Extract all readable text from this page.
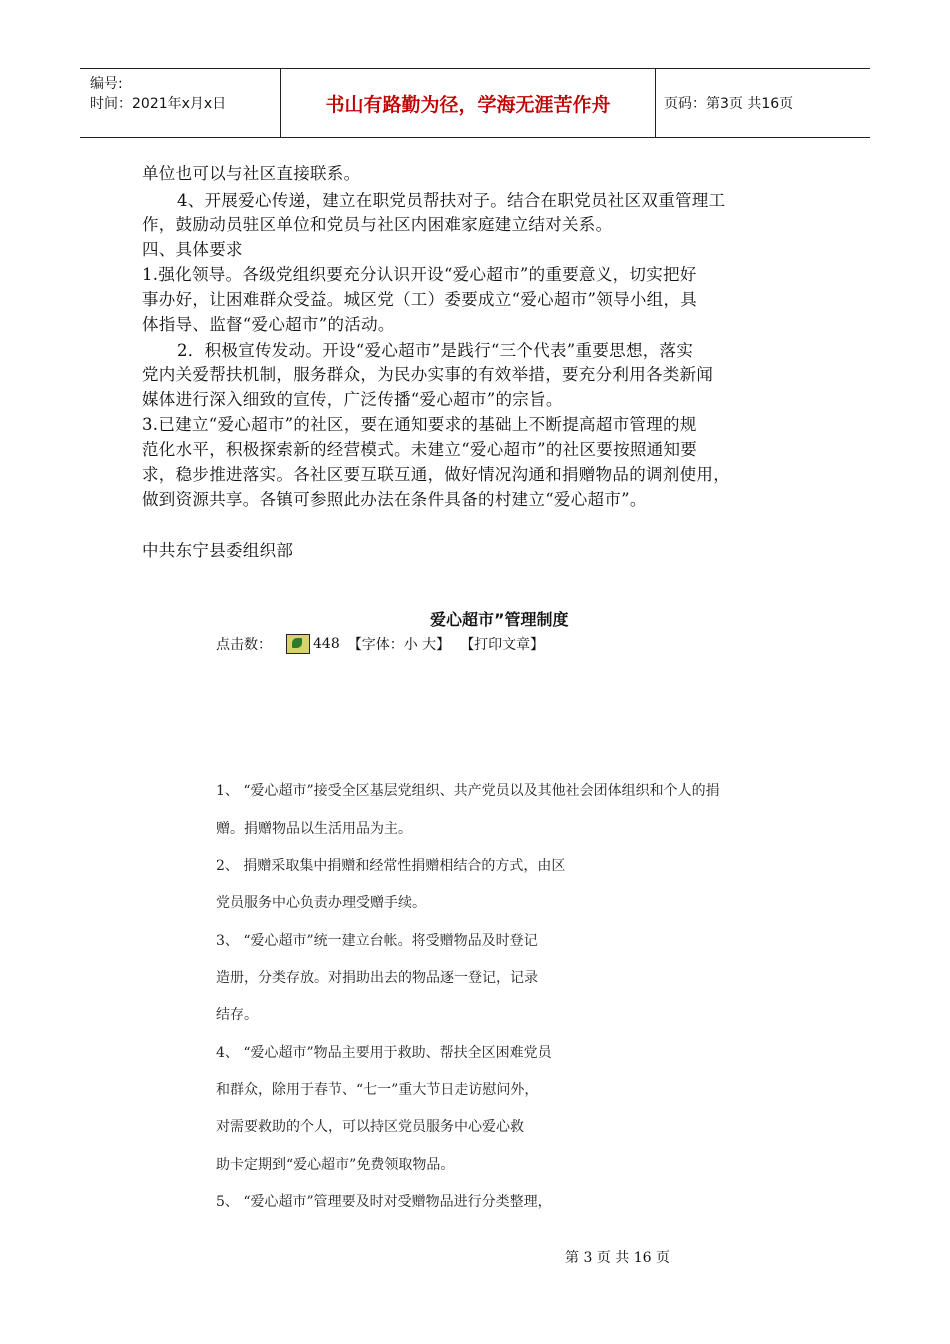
编号:
时间：2021年x月x日	书山有路勤为径，学海无涯苦作舟	页码：第3页 共16页
单位也可以与社区直接联系。
4、开展爱心传递，建立在职党员帮扶对子。结合在职党员社区双重管理工
作，鼓励动员驻区单位和党员与社区内困难家庭建立结对关系。
四、具体要求
1.强化领导。各级党组织要充分认识开设“爱心超市”的重要意义，切实把好
事办好，让困难群众受益。城区党（工）委要成立“爱心超市”领导小组，具
体指导、监督“爱心超市”的活动。
2．积极宣传发动。开设“爱心超市”是践行“三个代表”重要思想，落实
党内关爱帮扶机制，服务群众，为民办实事的有效举措，要充分利用各类新闻
媒体进行深入细致的宣传，广泛传播“爱心超市”的宗旨。
3.已建立“爱心超市”的社区，要在通知要求的基础上不断提高超市管理的规
范化水平，积极探索新的经营模式。未建立“爱心超市”的社区要按照通知要
求，稳步推进落实。各社区要互联互通，做好情况沟通和捐赠物品的调剂使用，
做到资源共享。各镇可参照此办法在条件具备的村建立“爱心超市”。
中共东宁县委组织部
爱心超市”管理制度
点击数：	448 【字体：小 大】 【打印文章】
1、 “爱心超市”接受全区基层党组织、共产党员以及其他社会团体组织和个人的捐
赠。捐赠物品以生活用品为主。
2、 捐赠采取集中捐赠和经常性捐赠相结合的方式，由区
党员服务中心负责办理受赠手续。
3、 “爱心超市”统一建立台帐。将受赠物品及时登记
造册，分类存放。对捐助出去的物品逐一登记，记录
结存。
4、 “爱心超市”物品主要用于救助、帮扶全区困难党员
和群众，除用于春节、“七一”重大节日走访慰问外，
对需要救助的个人，可以持区党员服务中心爱心救
助卡定期到“爱心超市”免费领取物品。
5、 “爱心超市”管理要及时对受赠物品进行分类整理，
第 3 页 共 16 页
